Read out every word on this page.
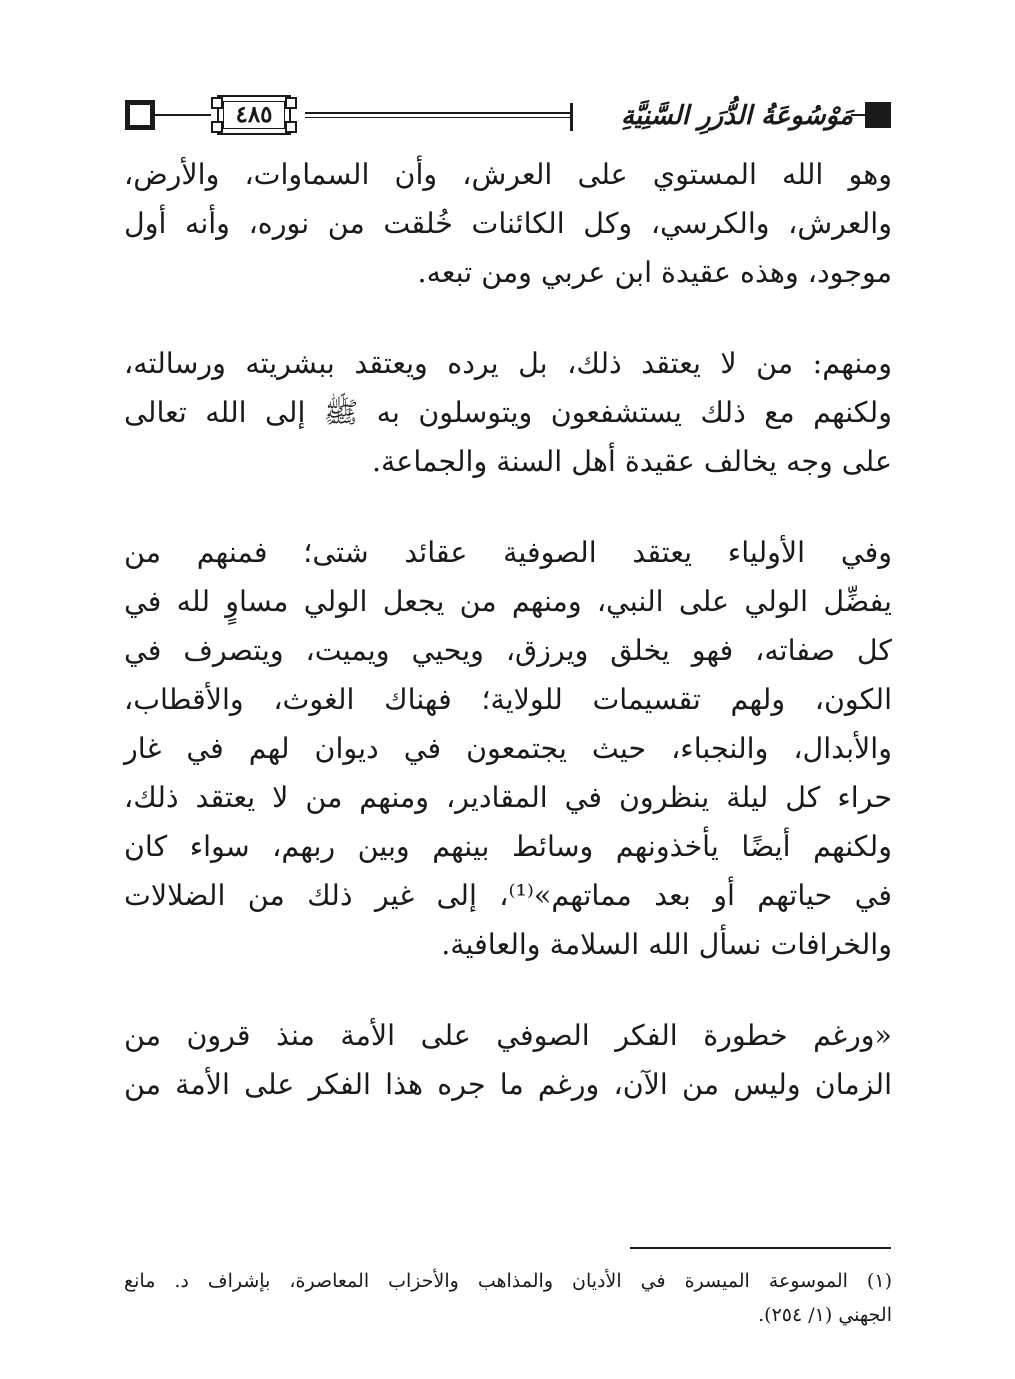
٤٨٥	مَوْسُوعَةُ الدُّرَرِ السَّنِيَّةِ

وهو الله المستوي على العرش، وأن السماوات، والأرض،
والعرش، والكرسي، وكل الكائنات خُلقت من نوره، وأنه أول
موجود، وهذه عقيدة ابن عربي ومن تبعه.

ومنهم: من لا يعتقد ذلك، بل يرده ويعتقد ببشريته ورسالته،
ولكنهم مع ذلك يستشفعون ويتوسلون به ﷺ إلى الله تعالى
على وجه يخالف عقيدة أهل السنة والجماعة.

وفي الأولياء يعتقد الصوفية عقائد شتى؛ فمنهم من
يفضِّل الولي على النبي، ومنهم من يجعل الولي مساوٍ لله في
كل صفاته، فهو يخلق ويرزق، ويحيي ويميت، ويتصرف في
الكون، ولهم تقسيمات للولاية؛ فهناك الغوث، والأقطاب،
والأبدال، والنجباء، حيث يجتمعون في ديوان لهم في غار
حراء كل ليلة ينظرون في المقادير، ومنهم من لا يعتقد ذلك،
ولكنهم أيضًا يأخذونهم وسائط بينهم وبين ربهم، سواء كان
في حياتهم أو بعد مماتهم»⁽¹⁾، إلى غير ذلك من الضلالات
والخرافات نسأل الله السلامة والعافية.

«ورغم خطورة الفكر الصوفي على الأمة منذ قرون من
الزمان وليس من الآن، ورغم ما جره هذا الفكر على الأمة من

(١) الموسوعة الميسرة في الأديان والمذاهب والأحزاب المعاصرة، بإشراف د. مانع
الجهني (١/ ٢٥٤).
